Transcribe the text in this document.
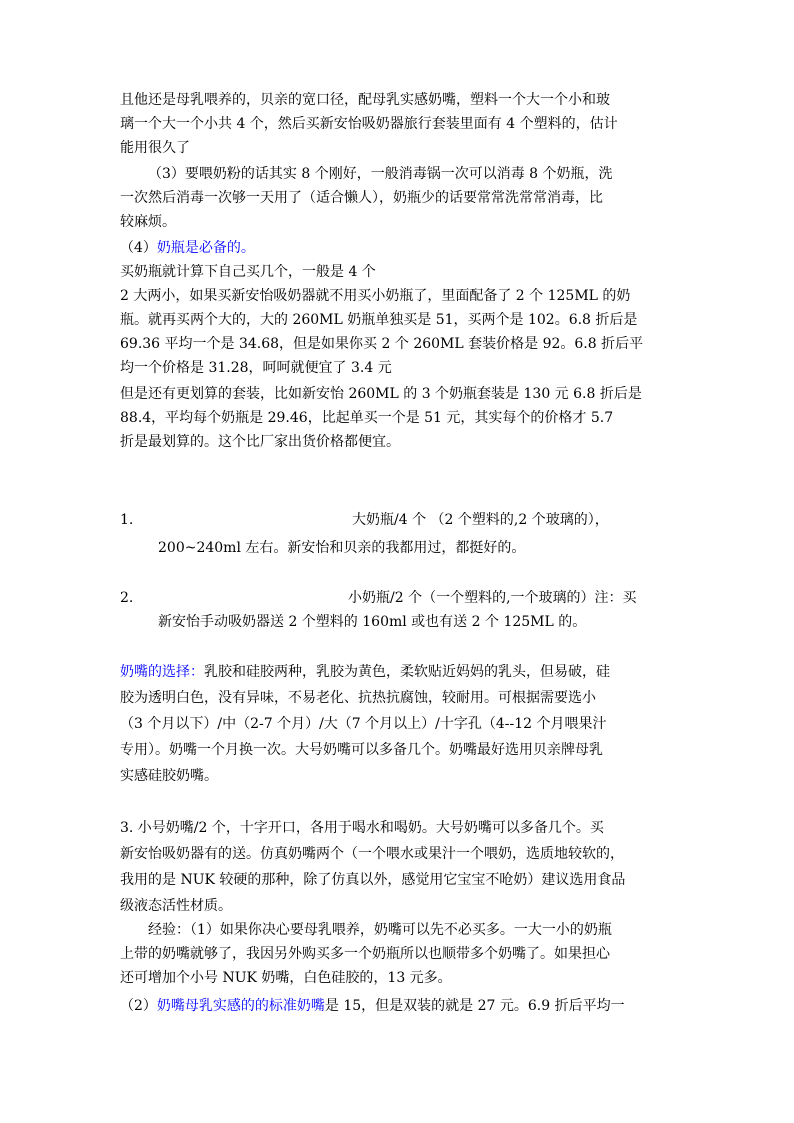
且他还是母乳喂养的，贝亲的宽口径，配母乳实感奶嘴，塑料一个大一个小和玻
璃一个大一个小共 4 个，然后买新安怡吸奶器旅行套装里面有 4 个塑料的，估计
能用很久了
（3）要喂奶粉的话其实 8 个刚好，一般消毒锅一次可以消毒 8 个奶瓶，洗
一次然后消毒一次够一天用了（适合懒人），奶瓶少的话要常常洗常常消毒，比
较麻烦。
（4）奶瓶是必备的。
买奶瓶就计算下自己买几个，一般是 4 个
2 大两小，如果买新安怡吸奶器就不用买小奶瓶了，里面配备了 2 个 125ML 的奶
瓶。就再买两个大的，大的 260ML 奶瓶单独买是 51，买两个是 102。6.8 折后是
69.36 平均一个是 34.68，但是如果你买 2 个 260ML 套装价格是 92。6.8 折后平
均一个价格是 31.28，呵呵就便宜了 3.4 元
但是还有更划算的套装，比如新安怡 260ML 的 3 个奶瓶套装是 130 元 6.8 折后是
88.4，平均每个奶瓶是 29.46，比起单买一个是 51 元，其实每个的价格才 5.7
折是最划算的。这个比厂家出货价格都便宜。
1.	大奶瓶/4 个 （2 个塑料的,2 个玻璃的），
200~240ml 左右。新安怡和贝亲的我都用过，都挺好的。
2.	小奶瓶/2 个（一个塑料的,一个玻璃的）注：买
新安怡手动吸奶器送 2 个塑料的 160ml 或也有送 2 个 125ML 的。
奶嘴的选择：乳胶和硅胶两种，乳胶为黄色，柔软贴近妈妈的乳头，但易破，硅
胶为透明白色，没有异味，不易老化、抗热抗腐蚀，较耐用。可根据需要选小
（3 个月以下）/中（2-7 个月）/大（7 个月以上）/十字孔（4--12 个月喂果汁
专用）。奶嘴一个月换一次。大号奶嘴可以多备几个。奶嘴最好选用贝亲牌母乳
实感硅胶奶嘴。
3. 小号奶嘴/2 个，十字开口，各用于喝水和喝奶。大号奶嘴可以多备几个。买
新安怡吸奶器有的送。仿真奶嘴两个（一个喂水或果汁一个喂奶，选质地较软的，
我用的是 NUK 较硬的那种，除了仿真以外，感觉用它宝宝不呛奶）建议选用食品
级液态活性材质。
经验：（1）如果你决心要母乳喂养，奶嘴可以先不必买多。一大一小的奶瓶
上带的奶嘴就够了，我因另外购买多一个奶瓶所以也顺带多个奶嘴了。如果担心
还可增加个小号 NUK 奶嘴，白色硅胶的，13 元多。
（2）奶嘴母乳实感的的标准奶嘴是 15，但是双装的就是 27 元。6.9 折后平均一
